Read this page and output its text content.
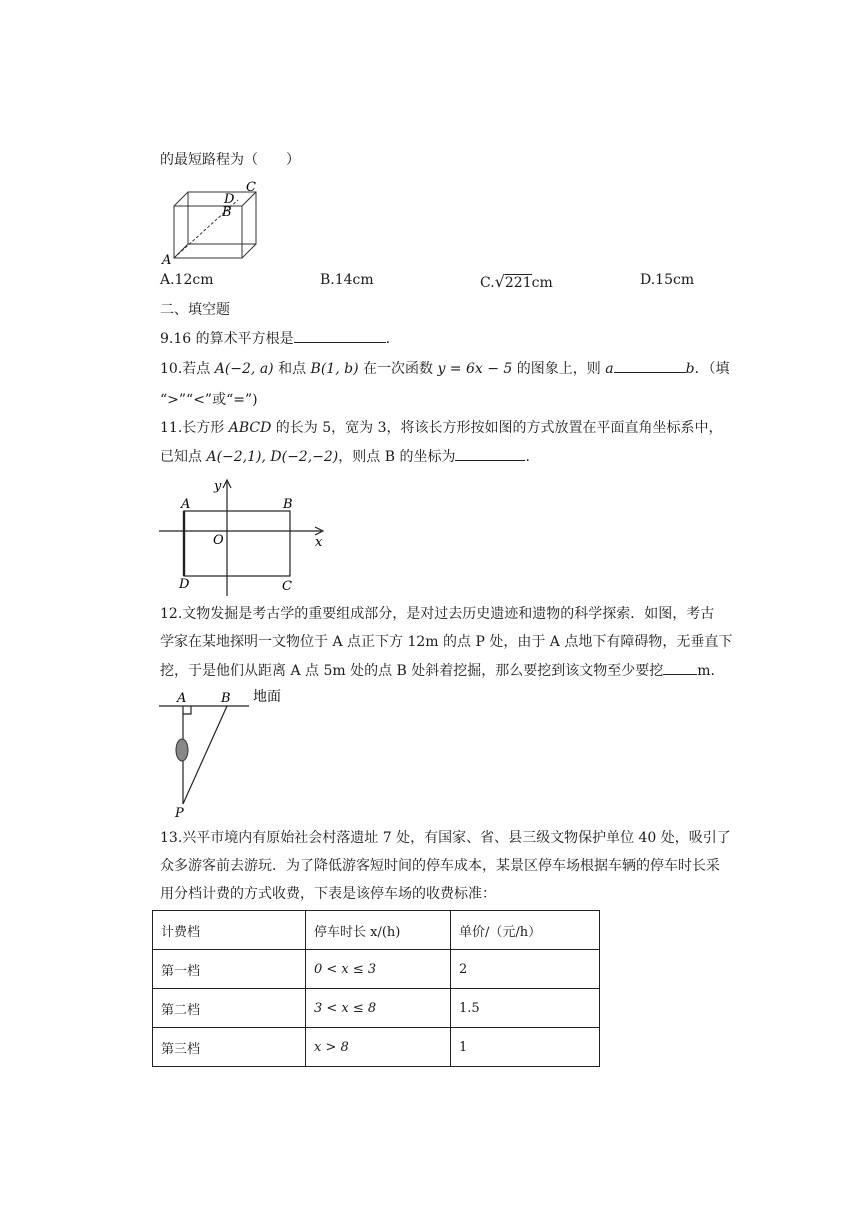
的最短路程为（　　）
A
B
C
D
A.12cm	B.14cm	C.√221cm	D.15cm
二、填空题
9.16 的算术平方根是	.
10.若点 A(−2, a) 和点 B(1, b) 在一次函数 y = 6x − 5 的图象上，则 a	b．（填
“>”“<”或“=”)
11.长方形 ABCD 的长为 5，宽为 3，将该长方形按如图的方式放置在平面直角坐标系中，
已知点 A(−2,1), D(−2,−2)，则点 B 的坐标为	.
A	B
C
D
O	x
y
12.文物发掘是考古学的重要组成部分，是对过去历史遗迹和遗物的科学探索．如图，考古
学家在某地探明一文物位于 A 点正下方 12m 的点 P 处，由于 A 点地下有障碍物，无垂直下
挖，于是他们从距离 A 点 5m 处的点 B 处斜着挖掘，那么要挖到该文物至少要挖 m．
A	B
P
地面
13.兴平市境内有原始社会村落遗址 7 处，有国家、省、县三级文物保护单位 40 处，吸引了
众多游客前去游玩．为了降低游客短时间的停车成本，某景区停车场根据车辆的停车时长采
用分档计费的方式收费，下表是该停车场的收费标准：
计费档	停车时长 x/(h)	单价/（元/h）
第一档	0 < x ≤ 3	2
第二档	3 < x ≤ 8	1.5
第三档	x > 8	1
